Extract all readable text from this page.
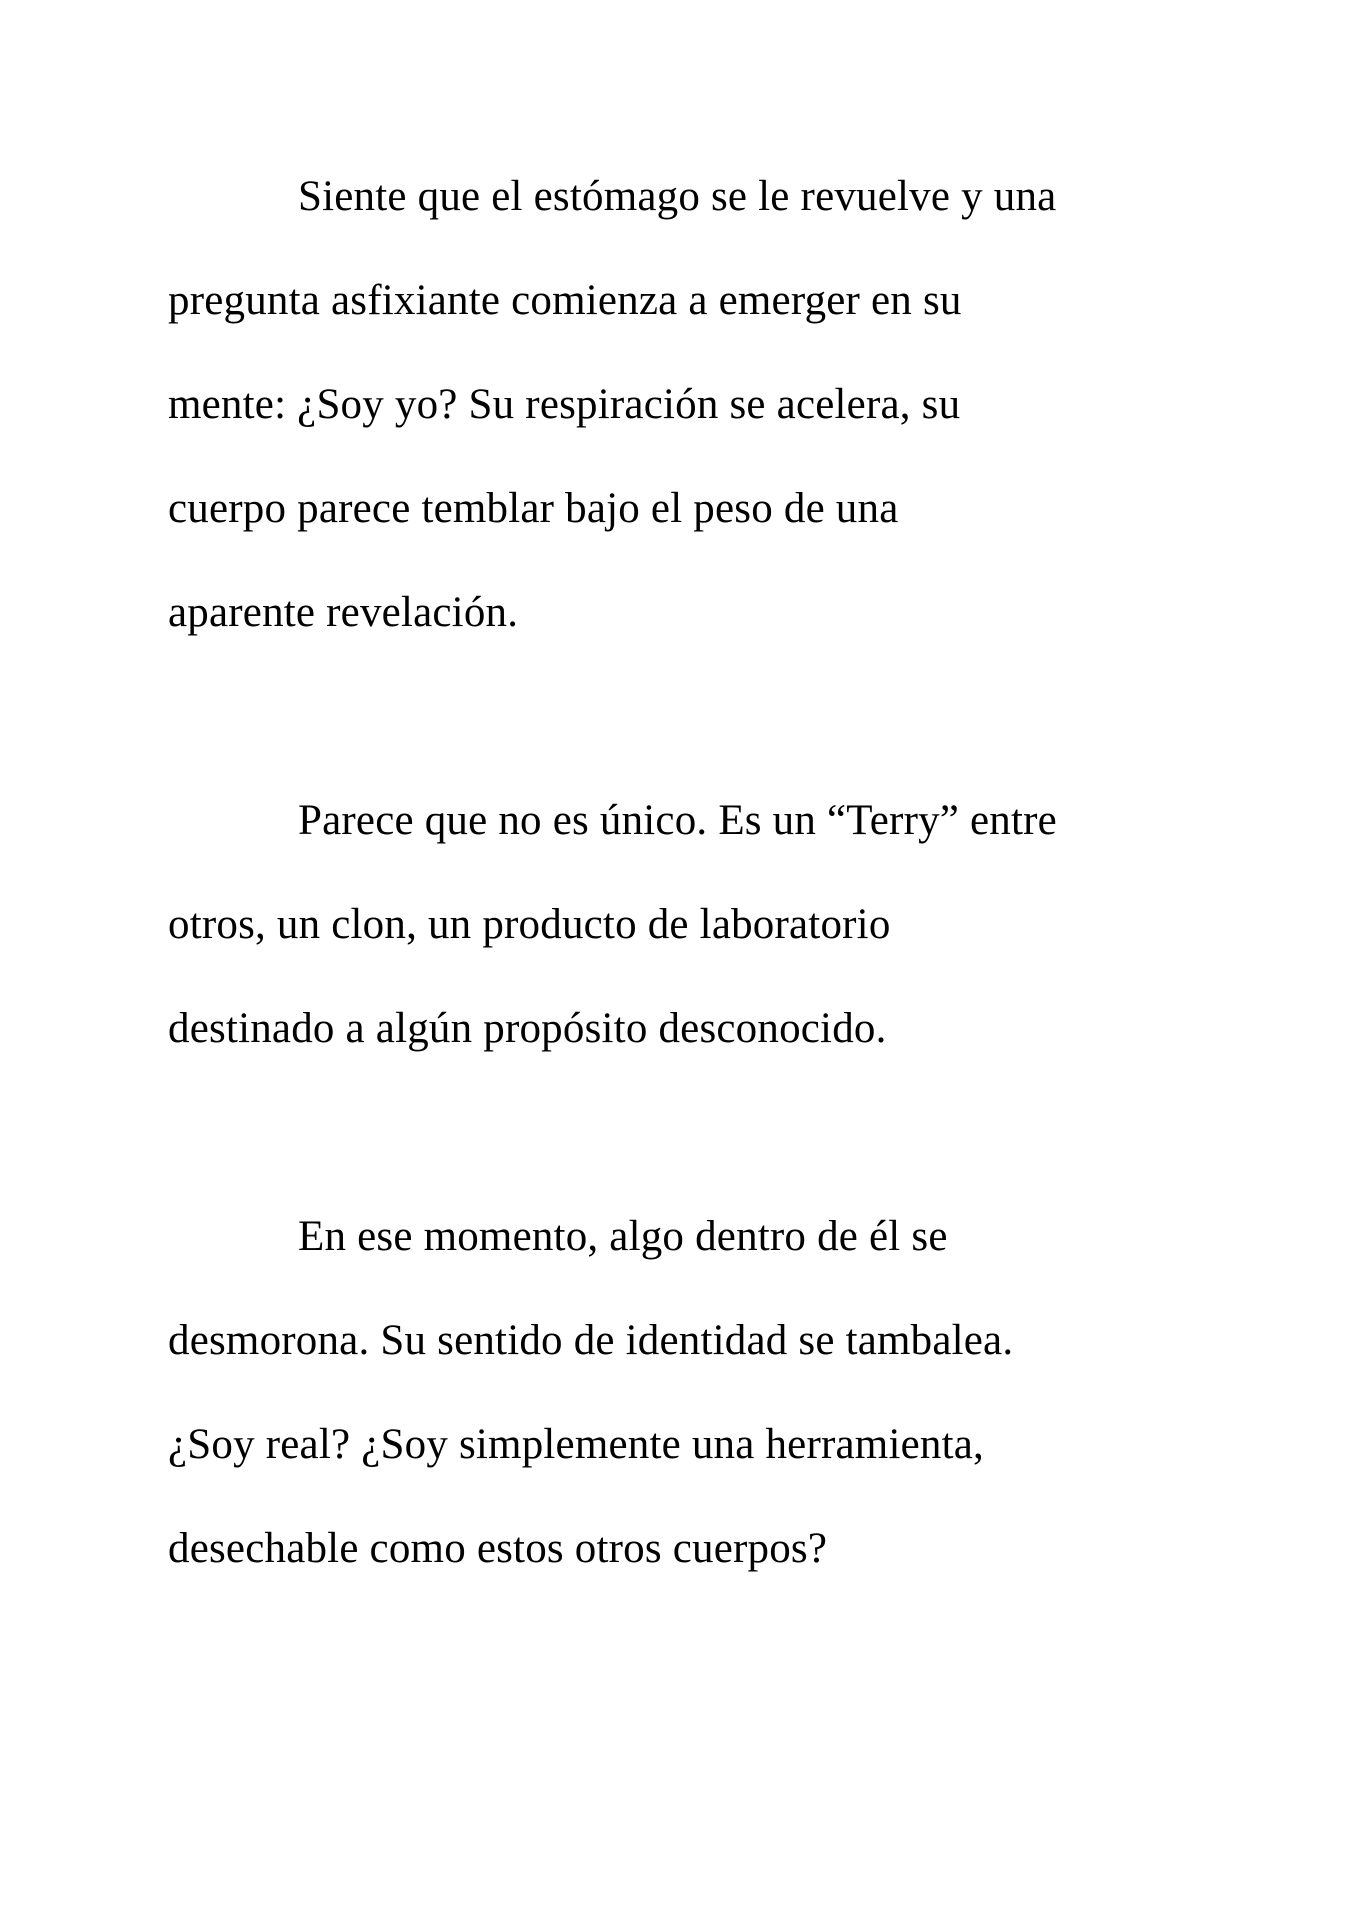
Siente que el estómago se le revuelve y una
pregunta asfixiante comienza a emerger en su
mente: ¿Soy yo? Su respiración se acelera, su
cuerpo parece temblar bajo el peso de una
aparente revelación.
Parece que no es único. Es un “Terry” entre
otros, un clon, un producto de laboratorio
destinado a algún propósito desconocido.
En ese momento, algo dentro de él se
desmorona. Su sentido de identidad se tambalea.
¿Soy real? ¿Soy simplemente una herramienta,
desechable como estos otros cuerpos?
